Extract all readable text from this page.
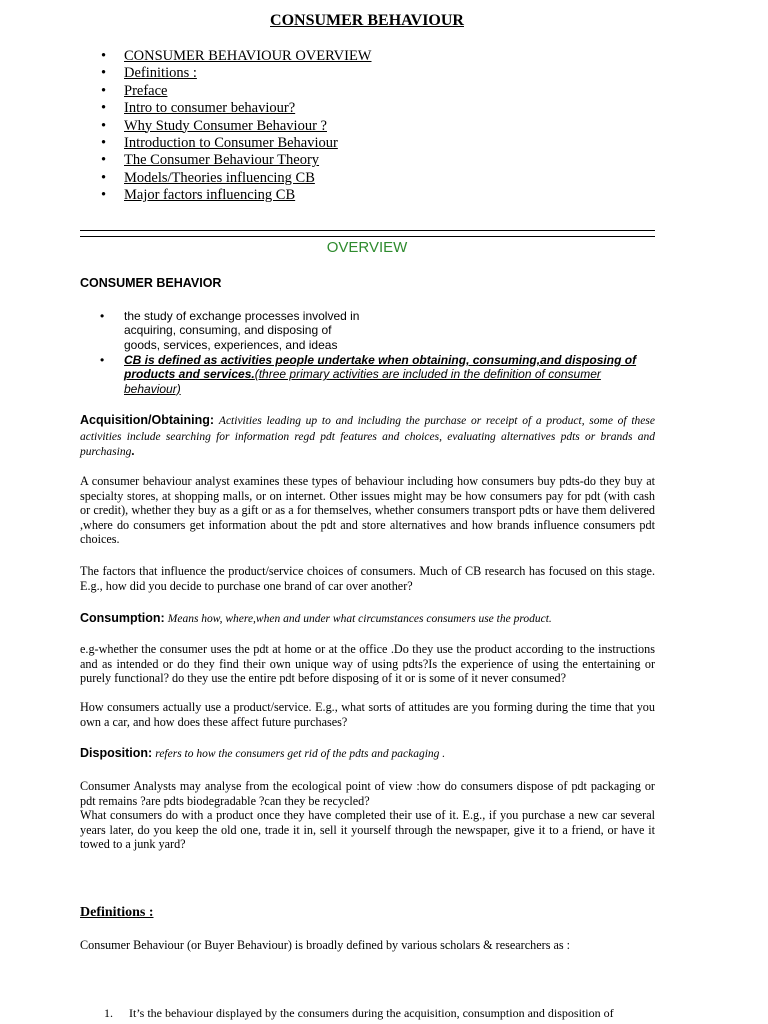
CONSUMER BEHAVIOUR
• CONSUMER BEHAVIOUR OVERVIEW
• Definitions :
• Preface
• Intro to consumer behaviour?
• Why Study Consumer Behaviour ?
• Introduction to Consumer Behaviour
• The Consumer Behaviour Theory
• Models/Theories influencing CB
• Major factors influencing CB
OVERVIEW
CONSUMER BEHAVIOR
• the study of exchange processes involved in
acquiring, consuming, and disposing of
goods, services, experiences, and ideas
• CB is defined as activities people undertake when obtaining, consuming,and disposing of products and services.(three primary activities are included in the definition of consumer behaviour)
Acquisition/Obtaining: Activities leading up to and including the purchase or receipt of a product, some of these activities include searching for information regd pdt features and choices, evaluating alternatives pdts or brands and purchasing.
A consumer behaviour analyst examines these types of behaviour including how consumers buy pdts-do they buy at specialty stores, at shopping malls, or on internet. Other issues might may be how consumers pay for pdt (with cash or credit), whether they buy as a gift or as a for themselves, whether consumers transport pdts or have them delivered ,where do consumers get information about the pdt and store alternatives and how brands influence consumers pdt choices.
The factors that influence the product/service choices of consumers. Much of CB research has focused on this stage. E.g., how did you decide to purchase one brand of car over another?
Consumption: Means how, where,when and under what circumstances consumers use the product.
e.g-whether the consumer uses the pdt at home or at the office .Do they use the product according to the instructions and as intended or do they find their own unique way of using pdts?Is the experience of using the entertaining or purely functional? do they use the entire pdt before disposing of it or is some of it never consumed?
How consumers actually use a product/service. E.g., what sorts of attitudes are you forming during the time that you own a car, and how does these affect future purchases?
Disposition: refers to how the consumers get rid of the pdts and packaging .
Consumer Analysts may analyse from the ecological point of view :how do consumers dispose of pdt packaging or pdt remains ?are pdts biodegradable ?can they be recycled?
What consumers do with a product once they have completed their use of it. E.g., if you purchase a new car several years later, do you keep the old one, trade it in, sell it yourself through the newspaper, give it to a friend, or have it towed to a junk yard?
Definitions :
Consumer Behaviour (or Buyer Behaviour) is broadly defined by various scholars & researchers as :
1. It’s the behaviour displayed by the consumers during the acquisition, consumption and disposition of
